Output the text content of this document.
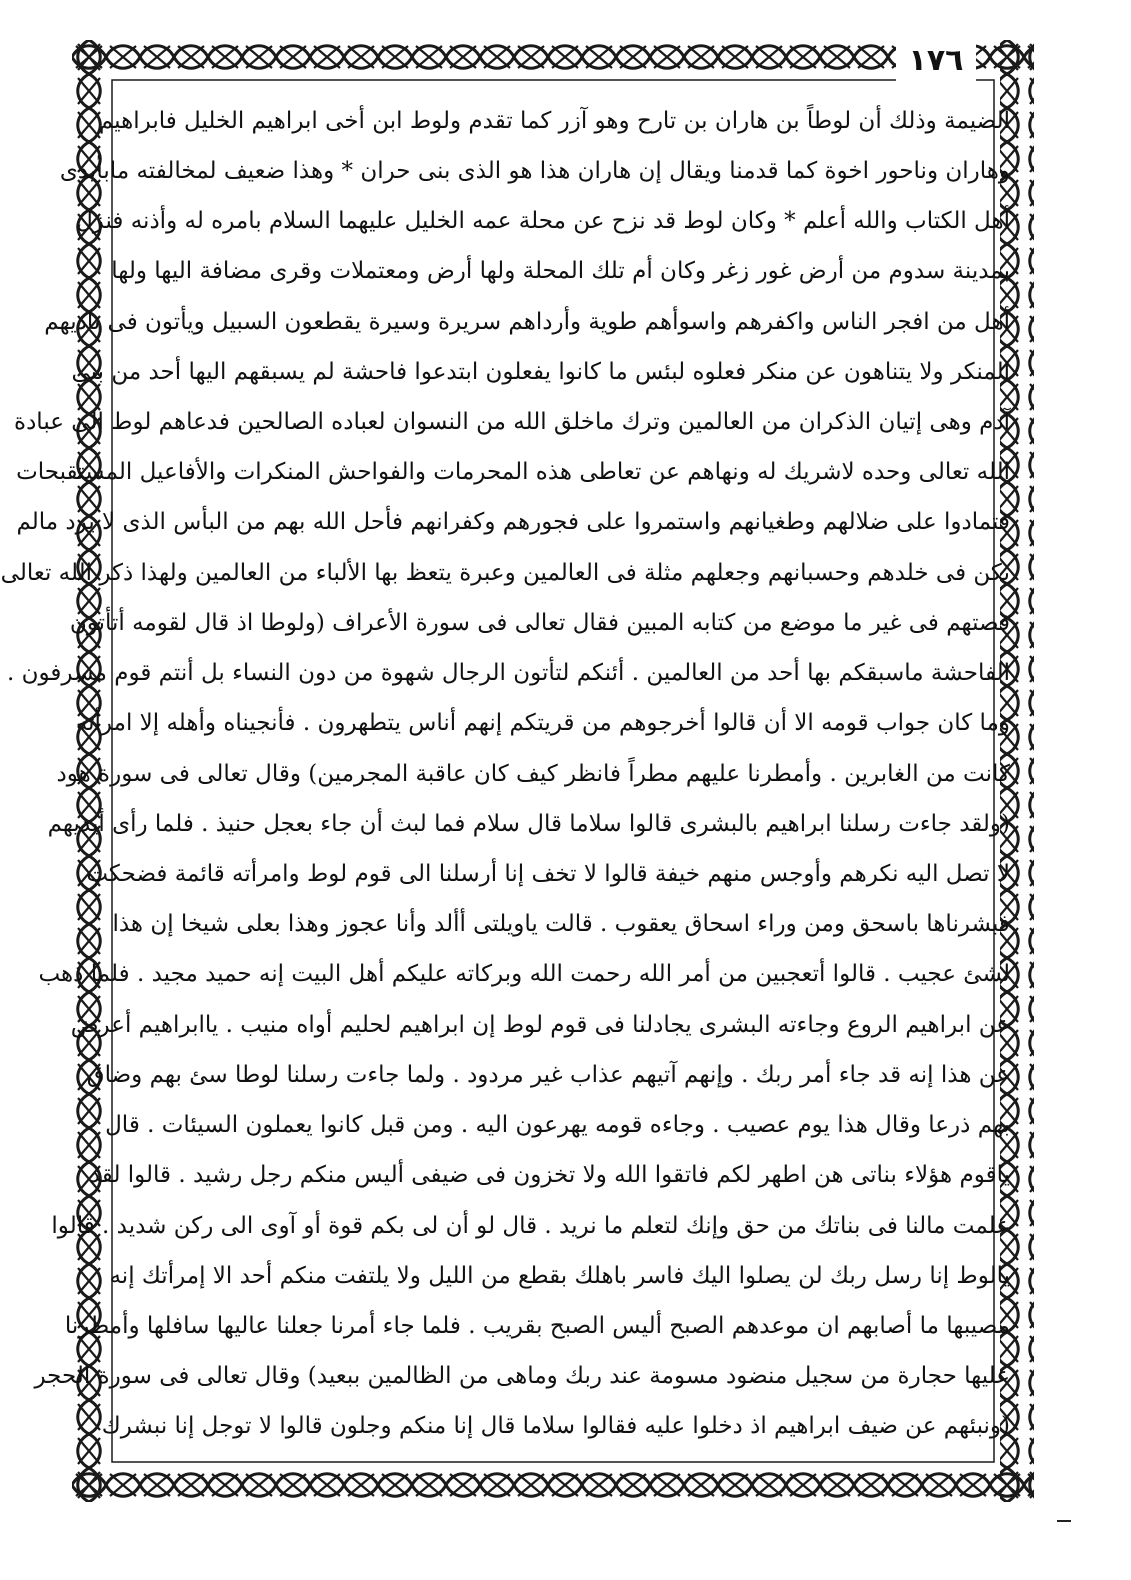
١٧٦
الضيمة وذلك أن لوطاً بن هاران بن تارح وهو آزر كما تقدم ولوط ابن أخى ابراهيم الخليل فابراهيم
وهاران وناحور اخوة كما قدمنا ويقال إن هاران هذا هو الذى بنى حران * وهذا ضعيف لمخالفته مابأيدى
أهل الكتاب والله أعلم * وكان لوط قد نزح عن محلة عمه الخليل عليهما السلام بامره له وأذنه فنزل
بمدينة سدوم من أرض غور زغر وكان أم تلك المحلة ولها أرض ومعتملات وقرى مضافة اليها ولها
أهل من افجر الناس واكفرهم واسوأهم طوية وأرداهم سريرة وسيرة يقطعون السبيل ويأتون فى ناديهم
المنكر ولا يتناهون عن منكر فعلوه لبئس ما كانوا يفعلون ابتدعوا فاحشة لم يسبقهم اليها أحد من بنى
آدم وهى إتيان الذكران من العالمين وترك ماخلق الله من النسوان لعباده الصالحين فدعاهم لوط الى عبادة
الله تعالى وحده لاشريك له ونهاهم عن تعاطى هذه المحرمات والفواحش المنكرات والأفاعيل المستقبحات
فتمادوا على ضلالهم وطغيانهم واستمروا على فجورهم وكفرانهم فأحل الله بهم من البأس الذى لا يرد مالم
يكن فى خلدهم وحسبانهم وجعلهم مثلة فى العالمين وعبرة يتعظ بها الألباء من العالمين ولهذا ذكر الله تعالى
قصتهم فى غير ما موضع من كتابه المبين فقال تعالى فى سورة الأعراف (ولوطا اذ قال لقومه أتأتون
الفاحشة ماسبقكم بها أحد من العالمين . أئنكم لتأتون الرجال شهوة من دون النساء بل أنتم قوم مسرفون .
وما كان جواب قومه الا أن قالوا أخرجوهم من قريتكم إنهم أناس يتطهرون . فأنجيناه وأهله إلا امرأته
كانت من الغابرين . وأمطرنا عليهم مطراً فانظر كيف كان عاقبة المجرمين) وقال تعالى فى سورة هود
(ولقد جاءت رسلنا ابراهيم بالبشرى قالوا سلاما قال سلام فما لبث أن جاء بعجل حنيذ . فلما رأى أيديهم
لا تصل اليه نكرهم وأوجس منهم خيفة قالوا لا تخف إنا أرسلنا الى قوم لوط وامرأته قائمة فضحكت
فبشرناها باسحق ومن وراء اسحاق يعقوب . قالت ياويلتى أألد وأنا عجوز وهذا بعلى شيخا إن هذا
لشئ عجيب . قالوا أتعجبين من أمر الله رحمت الله وبركاته عليكم أهل البيت إنه حميد مجيد . فلما ذهب
عن ابراهيم الروع وجاءته البشرى يجادلنا فى قوم لوط إن ابراهيم لحليم أواه منيب . ياابراهيم أعرض
عن هذا إنه قد جاء أمر ربك . وإنهم آتيهم عذاب غير مردود . ولما جاءت رسلنا لوطا سئ بهم وضاق
بهم ذرعا وقال هذا يوم عصيب . وجاءه قومه يهرعون اليه . ومن قبل كانوا يعملون السيئات . قال
ياقوم هؤلاء بناتى هن اطهر لكم فاتقوا الله ولا تخزون فى ضيفى أليس منكم رجل رشيد . قالوا لقد
علمت مالنا فى بناتك من حق وإنك لتعلم ما نريد . قال لو أن لى بكم قوة أو آوى الى ركن شديد . قالوا
يالوط إنا رسل ربك لن يصلوا اليك فاسر باهلك بقطع من الليل ولا يلتفت منكم أحد الا إمرأتك إنه
مصيبها ما أصابهم ان موعدهم الصبح أليس الصبح بقريب . فلما جاء أمرنا جعلنا عاليها سافلها وأمطرنا
عليها حجارة من سجيل منضود مسومة عند ربك وماهى من الظالمين ببعيد) وقال تعالى فى سورة الحجر
(ونبئهم عن ضيف ابراهيم اذ دخلوا عليه فقالوا سلاما قال إنا منكم وجلون قالوا لا توجل إنا نبشرك
